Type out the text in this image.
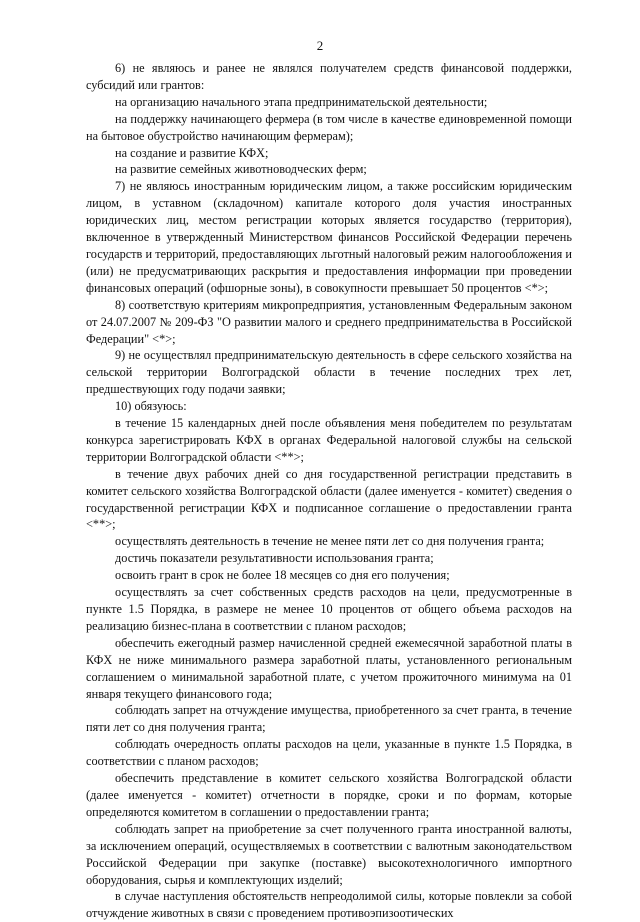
2

6) не являюсь и ранее не являлся получателем средств финансовой поддержки, субсидий или грантов:

на организацию начального этапа предпринимательской деятельности;

на поддержку начинающего фермера (в том числе в качестве единовременной помощи на бытовое обустройство начинающим фермерам);

на создание и развитие КФХ;

на развитие семейных животноводческих ферм;

7) не являюсь иностранным юридическим лицом, а также российским юридическим лицом, в уставном (складочном) капитале которого доля участия иностранных юридических лиц, местом регистрации которых является государство (территория), включенное в утвержденный Министерством финансов Российской Федерации перечень государств и территорий, предоставляющих льготный налоговый режим налогообложения и (или) не предусматривающих раскрытия и предоставления информации при проведении финансовых операций (офшорные зоны), в совокупности превышает 50 процентов <*>;

8) соответствую критериям микропредприятия, установленным Федеральным законом от 24.07.2007 № 209-ФЗ "О развитии малого и среднего предпринимательства в Российской Федерации" <*>;

9) не осуществлял предпринимательскую деятельность в сфере сельского хозяйства на сельской территории Волгоградской области в течение последних трех лет, предшествующих году подачи заявки;

10) обязуюсь:

в течение 15 календарных дней после объявления меня победителем по результатам конкурса зарегистрировать КФХ в органах Федеральной налоговой службы на сельской территории Волгоградской области <**>;

в течение двух рабочих дней со дня государственной регистрации представить в комитет сельского хозяйства Волгоградской области (далее именуется - комитет) сведения о государственной регистрации КФХ и подписанное соглашение о предоставлении гранта <**>;

осуществлять деятельность в течение не менее пяти лет со дня получения гранта;

достичь показатели результативности использования гранта;

освоить грант в срок не более 18 месяцев со дня его получения;

осуществлять за счет собственных средств расходов на цели, предусмотренные в пункте 1.5 Порядка, в размере не менее 10 процентов от общего объема расходов на реализацию бизнес-плана в соответствии с планом расходов;

обеспечить ежегодный размер начисленной средней ежемесячной заработной платы в КФХ не ниже минимального размера заработной платы, установленного региональным соглашением о минимальной заработной плате, с учетом прожиточного минимума на 01 января текущего финансового года;

соблюдать запрет на отчуждение имущества, приобретенного за счет гранта, в течение пяти лет со дня получения гранта;

соблюдать очередность оплаты расходов на цели, указанные в пункте 1.5 Порядка, в соответствии с планом расходов;

обеспечить представление в комитет сельского хозяйства Волгоградской области (далее именуется - комитет) отчетности в порядке, сроки и по формам, которые определяются комитетом в соглашении о предоставлении гранта;

соблюдать запрет на приобретение за счет полученного гранта иностранной валюты, за исключением операций, осуществляемых в соответствии с валютным законодательством Российской Федерации при закупке (поставке) высокотехнологичного импортного оборудования, сырья и комплектующих изделий;

в случае наступления обстоятельств непреодолимой силы, которые повлекли за собой отчуждение животных в связи с проведением противоэпизоотических
